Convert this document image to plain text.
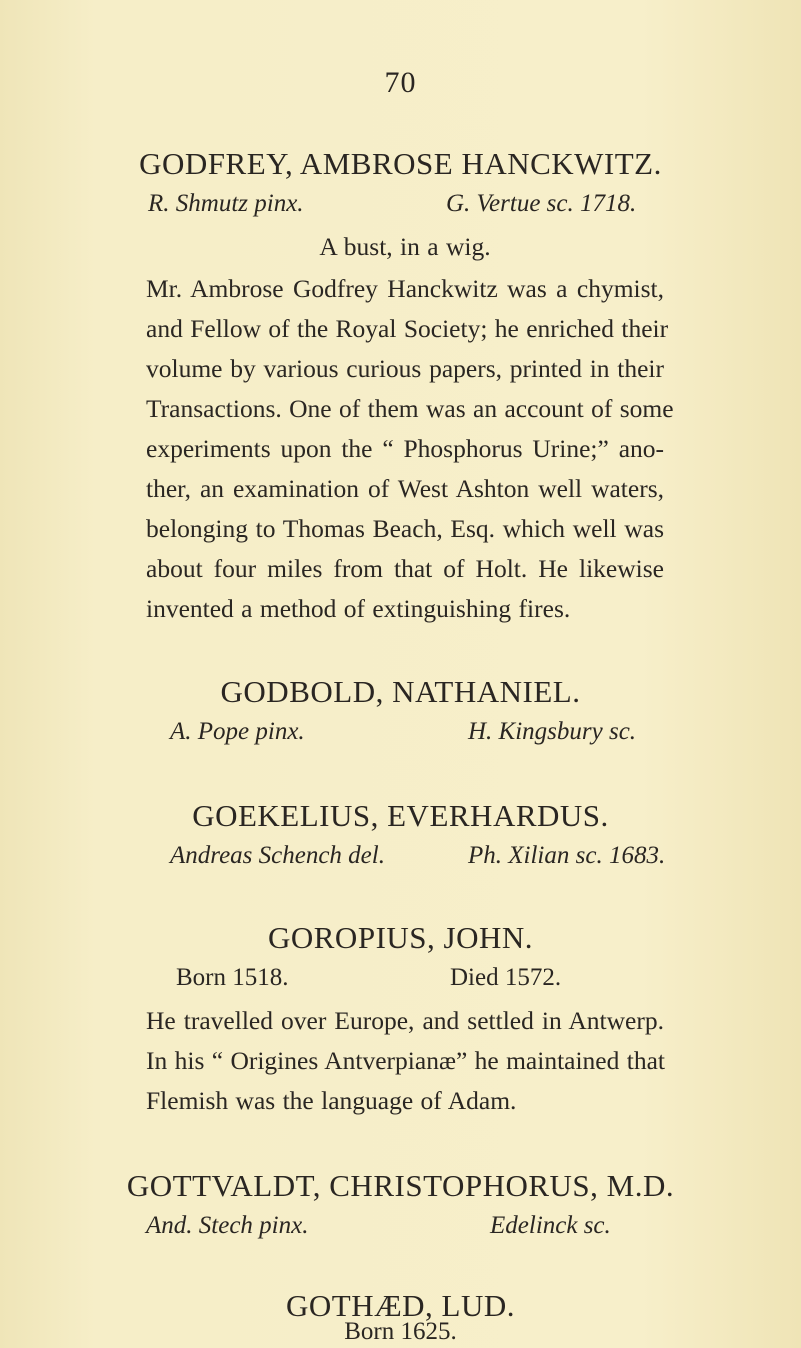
70
GODFREY, AMBROSE HANCKWITZ.
R. Shmutz pinx.	G. Vertue sc. 1718.
A bust, in a wig.
Mr. Ambrose Godfrey Hanckwitz was a chymist,
and Fellow of the Royal Society; he enriched their
volume by various curious papers, printed in their
Transactions. One of them was an account of some
experiments upon the “ Phosphorus Urine;” ano-
ther, an examination of West Ashton well waters,
belonging to Thomas Beach, Esq. which well was
about four miles from that of Holt. He likewise
invented a method of extinguishing fires.
GODBOLD, NATHANIEL.
A. Pope pinx.	H. Kingsbury sc.
GOEKELIUS, EVERHARDUS.
Andreas Schench del.	Ph. Xilian sc. 1683.
GOROPIUS, JOHN.
Born 1518.	Died 1572.
He travelled over Europe, and settled in Antwerp.
In his “ Origines Antverpianæ” he maintained that
Flemish was the language of Adam.
GOTTVALDT, CHRISTOPHORUS, M.D.
And. Stech pinx.	Edelinck sc.
GOTHÆD, LUD.
Born 1625.
